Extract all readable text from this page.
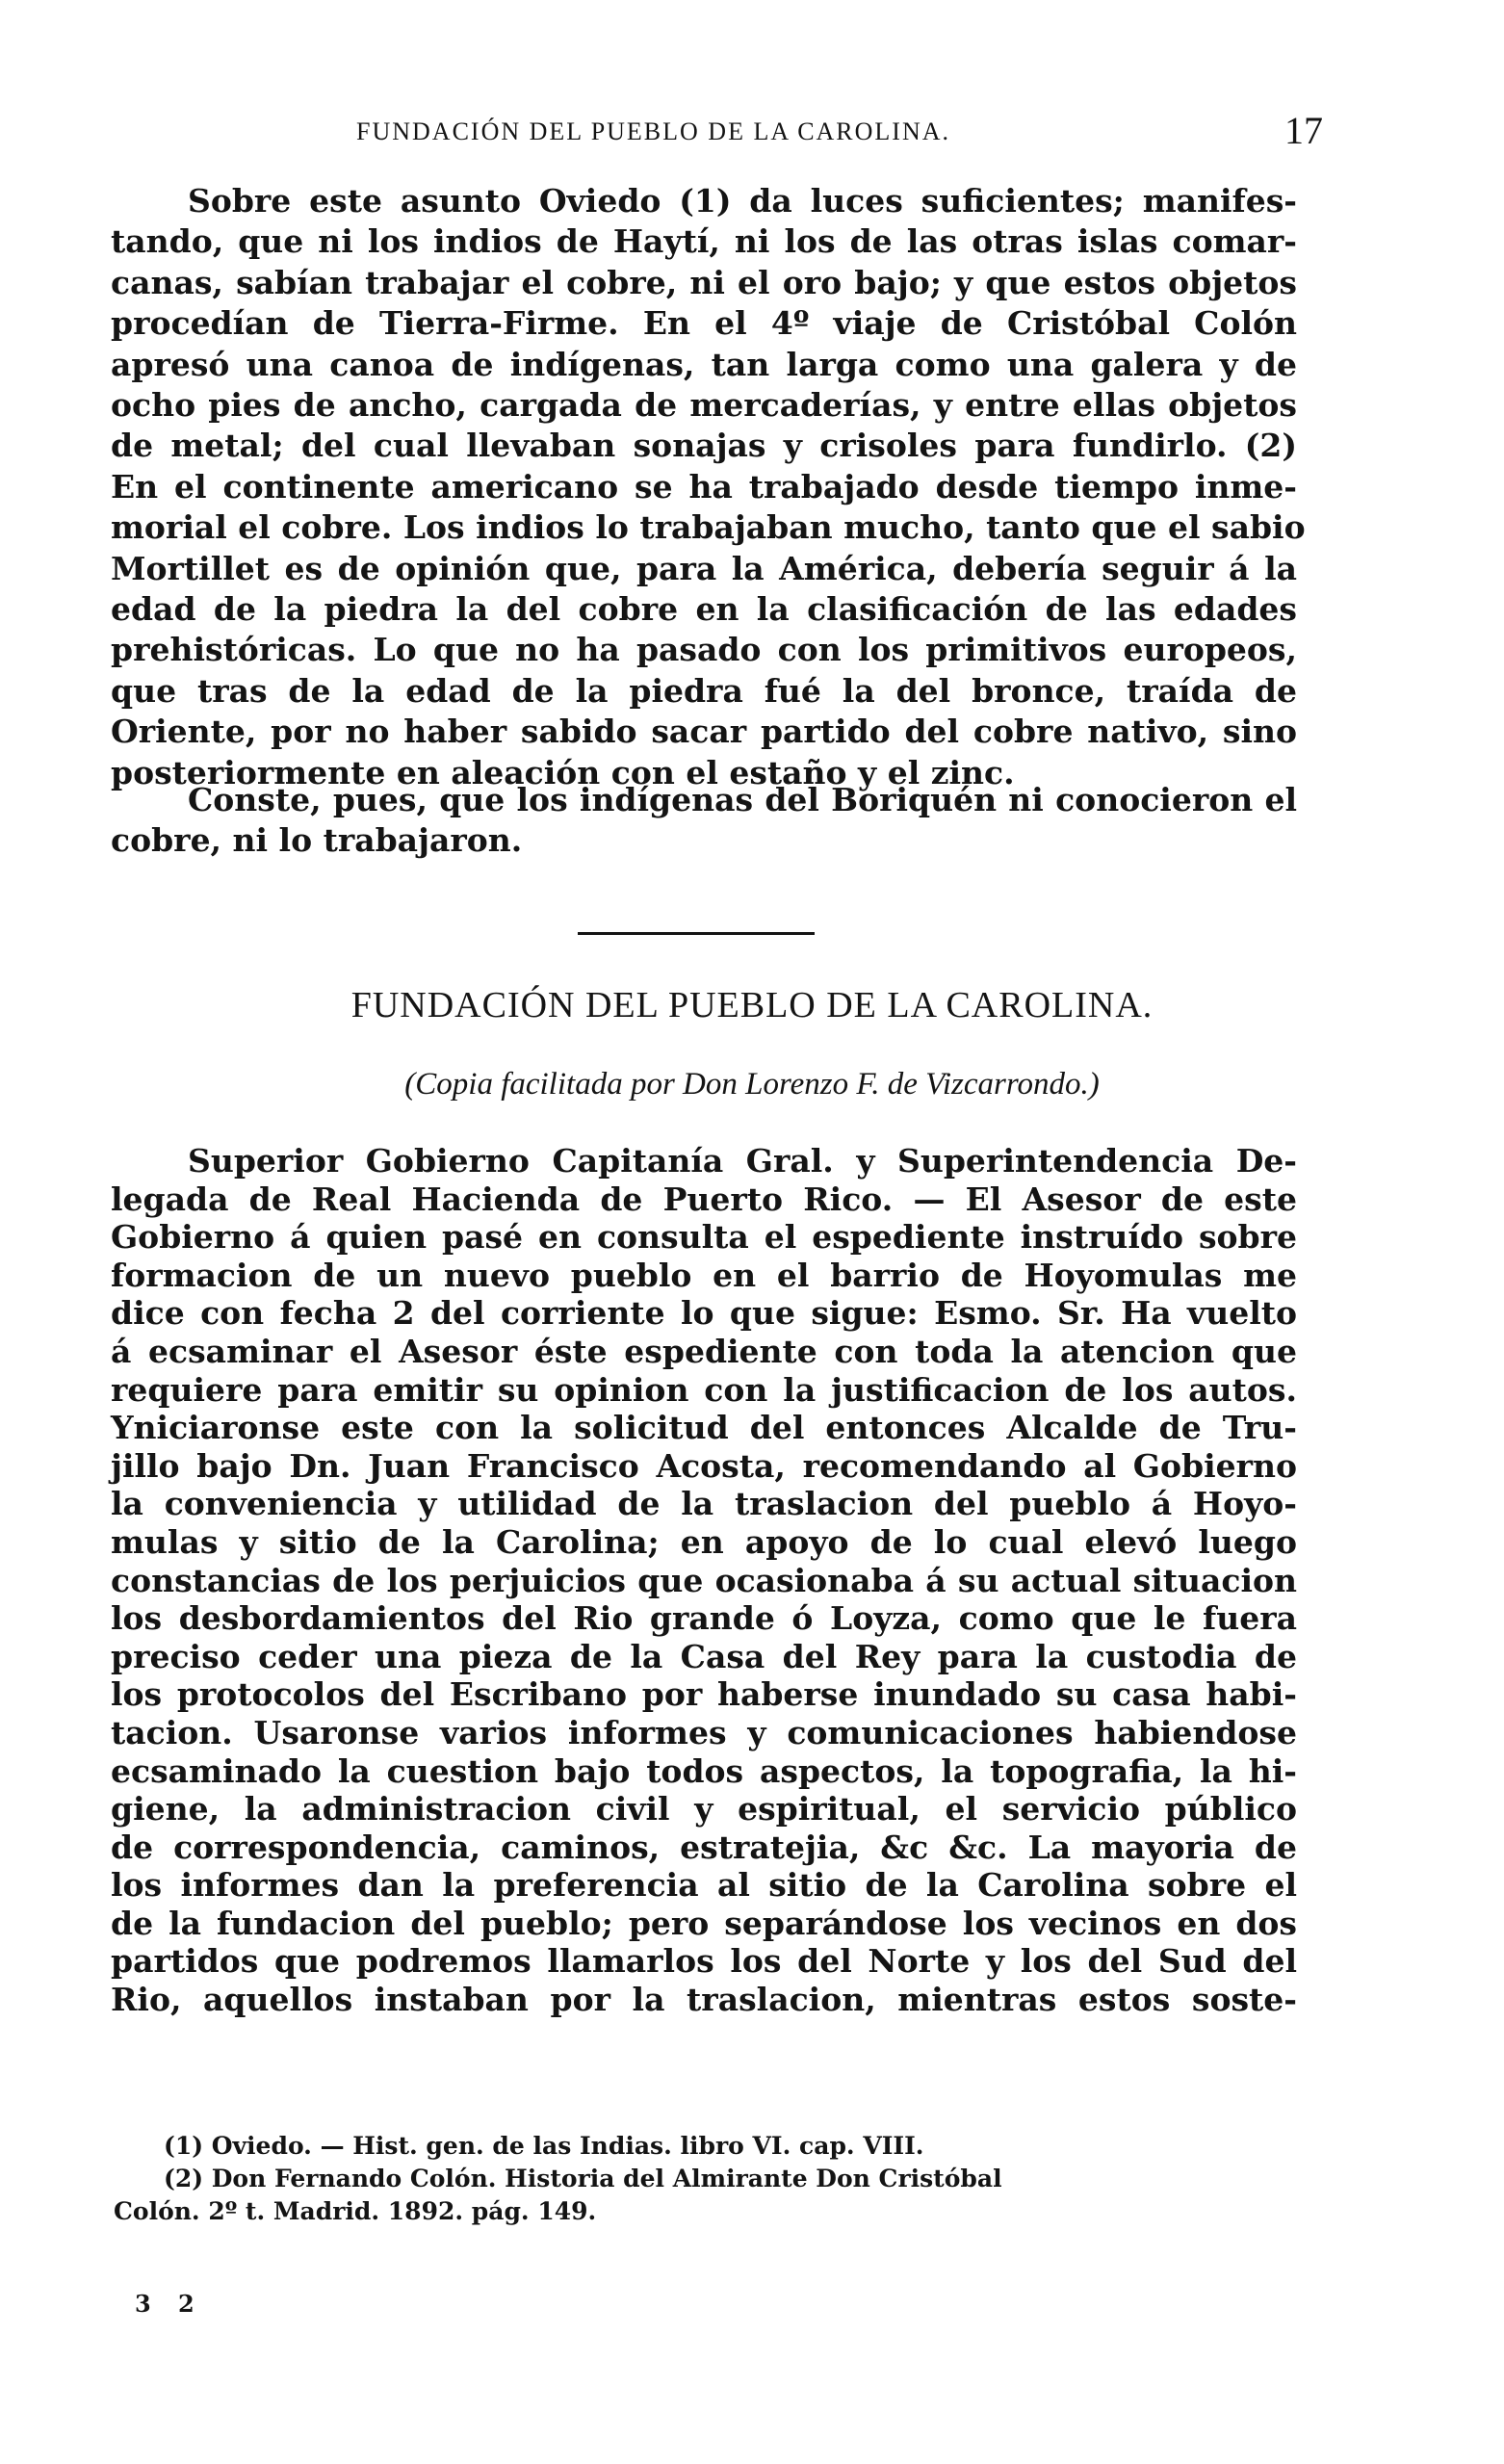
FUNDACIÓN DEL PUEBLO DE LA CAROLINA.	17
Sobre este asunto Oviedo (1) da luces suficientes; manifes-
tando, que ni los indios de Haytí, ni los de las otras islas comar-
canas, sabían trabajar el cobre, ni el oro bajo; y que estos objetos
procedían de Tierra-Firme. En el 4º viaje de Cristóbal Colón
apresó una canoa de indígenas, tan larga como una galera y de
ocho pies de ancho, cargada de mercaderías, y entre ellas objetos
de metal; del cual llevaban sonajas y crisoles para fundirlo. (2)
En el continente americano se ha trabajado desde tiempo inme-
morial el cobre. Los indios lo trabajaban mucho, tanto que el sabio
Mortillet es de opinión que, para la América, debería seguir á la
edad de la piedra la del cobre en la clasificación de las edades
prehistóricas. Lo que no ha pasado con los primitivos europeos,
que tras de la edad de la piedra fué la del bronce, traída de
Oriente, por no haber sabido sacar partido del cobre nativo, sino
posteriormente en aleación con el estaño y el zinc.
Conste, pues, que los indígenas del Boriquén ni conocieron el
cobre, ni lo trabajaron.
FUNDACIÓN DEL PUEBLO DE LA CAROLINA.
(Copia facilitada por Don Lorenzo F. de Vizcarrondo.)
Superior Gobierno Capitanía Gral. y Superintendencia De-
legada de Real Hacienda de Puerto Rico. — El Asesor de este
Gobierno á quien pasé en consulta el espediente instruído sobre
formacion de un nuevo pueblo en el barrio de Hoyomulas me
dice con fecha 2 del corriente lo que sigue: Esmo. Sr. Ha vuelto
á ecsaminar el Asesor éste espediente con toda la atencion que
requiere para emitir su opinion con la justificacion de los autos.
Yniciaronse este con la solicitud del entonces Alcalde de Tru-
jillo bajo Dn. Juan Francisco Acosta, recomendando al Gobierno
la conveniencia y utilidad de la traslacion del pueblo á Hoyo-
mulas y sitio de la Carolina; en apoyo de lo cual elevó luego
constancias de los perjuicios que ocasionaba á su actual situacion
los desbordamientos del Rio grande ó Loyza, como que le fuera
preciso ceder una pieza de la Casa del Rey para la custodia de
los protocolos del Escribano por haberse inundado su casa habi-
tacion. Usaronse varios informes y comunicaciones habiendose
ecsaminado la cuestion bajo todos aspectos, la topografia, la hi-
giene, la administracion civil y espiritual, el servicio público
de correspondencia, caminos, estratejia, &c &c. La mayoria de
los informes dan la preferencia al sitio de la Carolina sobre el
de la fundacion del pueblo; pero separándose los vecinos en dos
partidos que podremos llamarlos los del Norte y los del Sud del
Rio, aquellos instaban por la traslacion, mientras estos soste-
(1) Oviedo. — Hist. gen. de las Indias. libro VI. cap. VIII.
(2) Don Fernando Colón. Historia del Almirante Don Cristóbal
Colón. 2º t. Madrid. 1892. pág. 149.
3 2
